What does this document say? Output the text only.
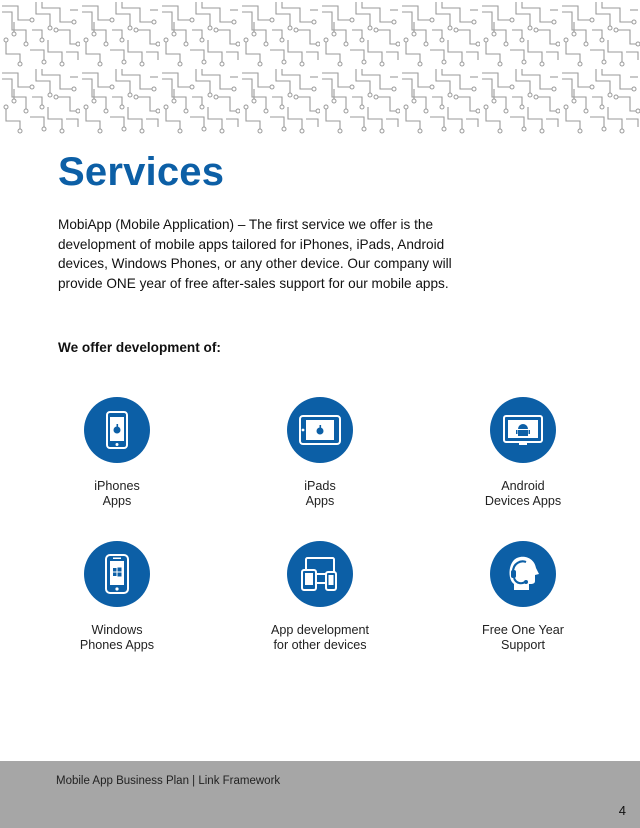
Services

MobiApp (Mobile Application) – The first service we offer is the development of mobile apps tailored for iPhones, iPads, Android devices, Windows Phones, or any other device. Our company will provide ONE year of free after-sales support for our mobile apps.

We offer development of:

iPhones
Apps
iPads
Apps
Android
Devices Apps
Windows
Phones Apps
App development
for other devices
Free One Year
Support
Mobile App Business Plan | Link Framework
4
